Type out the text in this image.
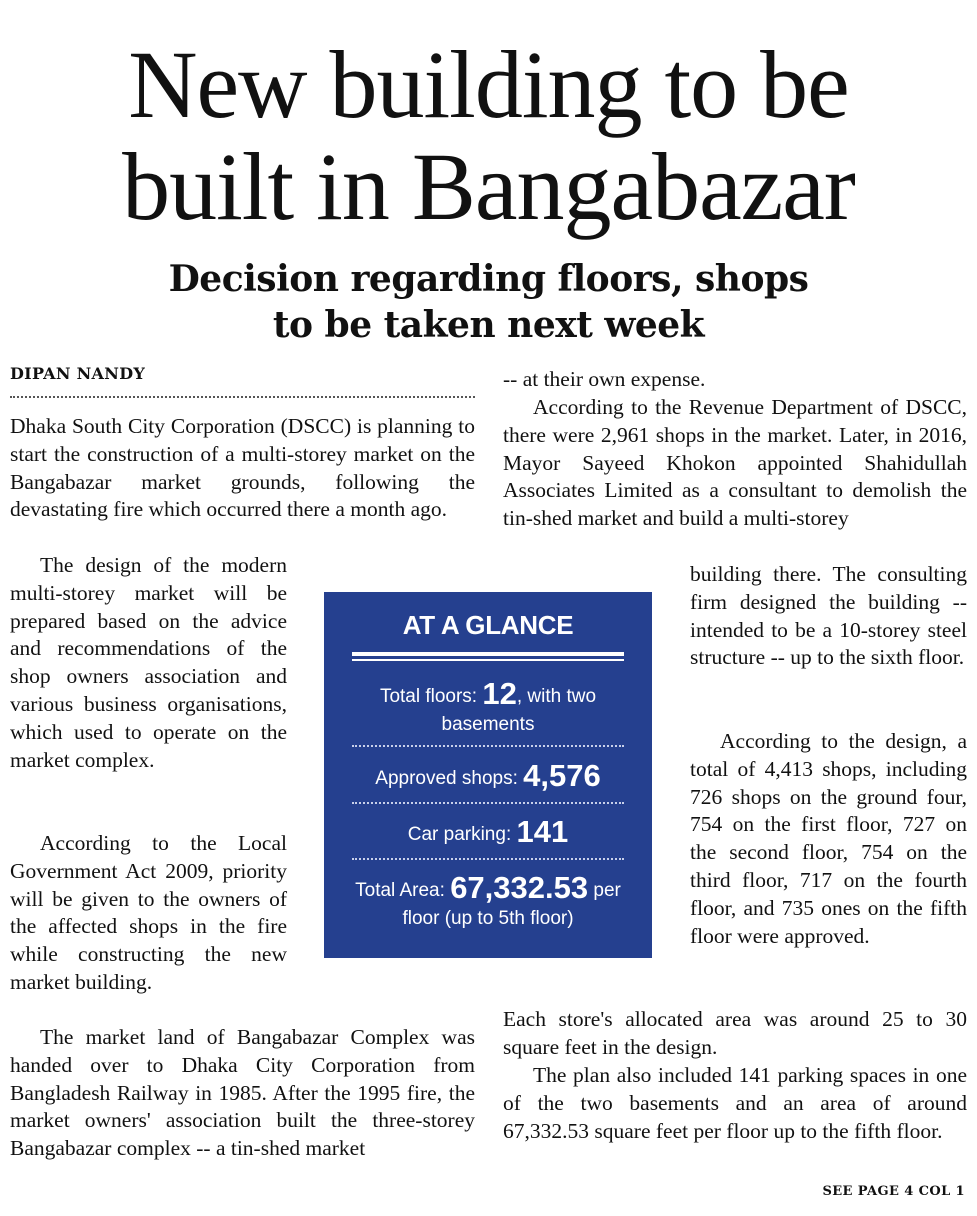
New building to be
built in Bangabazar
Decision regarding floors, shops
to be taken next week
DIPAN NANDY

Dhaka South City Corporation (DSCC) is planning to start the construction of a multi-storey market on the Bangabazar market grounds, following the devastating fire which occurred there a month ago.

The design of the modern multi-storey market will be prepared based on the advice and recommendations of the shop owners association and various business organisations, which used to operate on the market complex.

According to the Local Government Act 2009, priority will be given to the owners of the affected shops in the fire while constructing the new market building.

The market land of Bangabazar Complex was handed over to Dhaka City Corporation from Bangladesh Railway in 1985. After the 1995 fire, the market owners' association built the three-storey Bangabazar complex -- a tin-shed market

-- at their own expense.

According to the Revenue Department of DSCC, there were 2,961 shops in the market. Later, in 2016, Mayor Sayeed Khokon appointed Shahidullah Associates Limited as a consultant to demolish the tin-shed market and build a multi-storey

building there. The consulting firm designed the building -- intended to be a 10-storey steel structure -- up to the sixth floor.

According to the design, a total of 4,413 shops, including 726 shops on the ground four, 754 on the first floor, 727 on the second floor, 754 on the third floor, 717 on the fourth floor, and 735 ones on the fifth floor were approved.

Each store's allocated area was around 25 to 30 square feet in the design.

The plan also included 141 parking spaces in one of the two basements and an area of around 67,332.53 square feet per floor up to the fifth floor.

AT A GLANCE
Total floors: 12, with two
basements
Approved shops: 4,576
Car parking: 141
Total Area: 67,332.53 per
floor (up to 5th floor)
SEE PAGE 4 COL 1
